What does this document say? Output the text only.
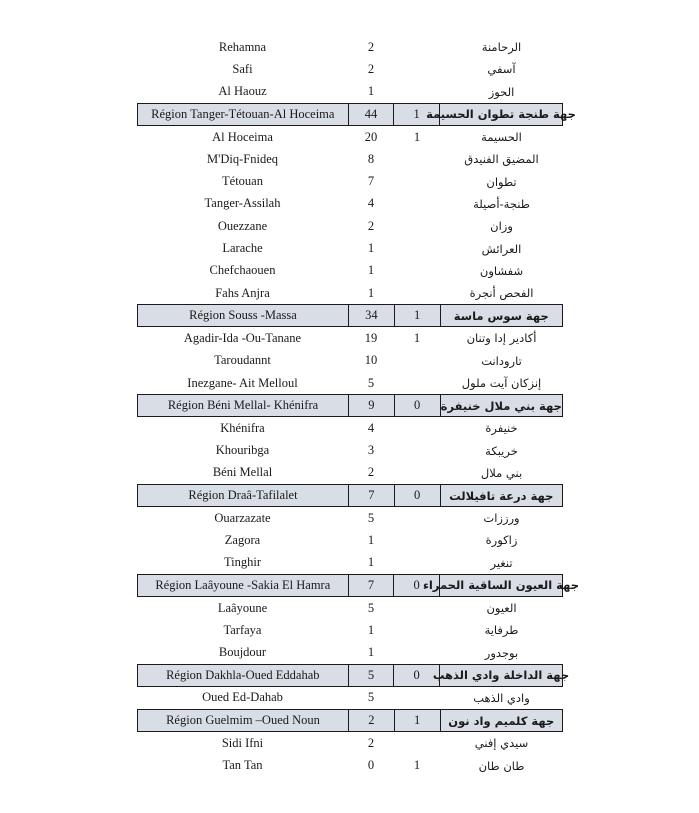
Rehamna	2	الرحامنة
Safi	2	آسفي
Al Haouz	1	الحوز
Région Tanger-Tétouan-Al Hoceima	44	1 جهة طنجة تطوان الحسيمة
Al Hoceima	20	1	الحسيمة
M'Diq-Fnideq	8	المضيق الفنيدق
Tétouan	7	تطوان
Tanger-Assilah	4	طنجة-أصيلة
Ouezzane	2	وزان
Larache	1	العرائش
Chefchaouen	1	شفشاون
Fahs Anjra	1	الفحص أنجرة
Région Souss -Massa	34	1	جهة سوس ماسة
Agadir-Ida -Ou-Tanane	19	1	أكادير إدا وتنان
Taroudannt	10	تارودانت
Inezgane- Ait Melloul	5	إنزكان آيت ملول
Région Béni Mellal- Khénifra	9	0	جهة بني ملال خنيفرة
Khénifra	4	خنيفرة
Khouribga	3	خريبكة
Béni Mellal	2	بني ملال
Région Draâ-Tafilalet	7	0	جهة درعة تافيلالت
Ouarzazate	5	ورززات
Zagora	1	زاكورة
Tinghir	1	تنغير
Région Laâyoune -Sakia El Hamra	7	0 جهة العيون الساقية الحمراء
Laâyoune	5	العيون
Tarfaya	1	طرفاية
Boujdour	1	بوجدور
Région Dakhla-Oued Eddahab	5	0	جهة الداخلة وادي الذهب
Oued Ed-Dahab	5	وادي الذهب
Région Guelmim –Oued Noun	2	1	جهة كلميم واد نون
Sidi Ifni	2	سيدي إفني
Tan Tan	0	1	طان طان
